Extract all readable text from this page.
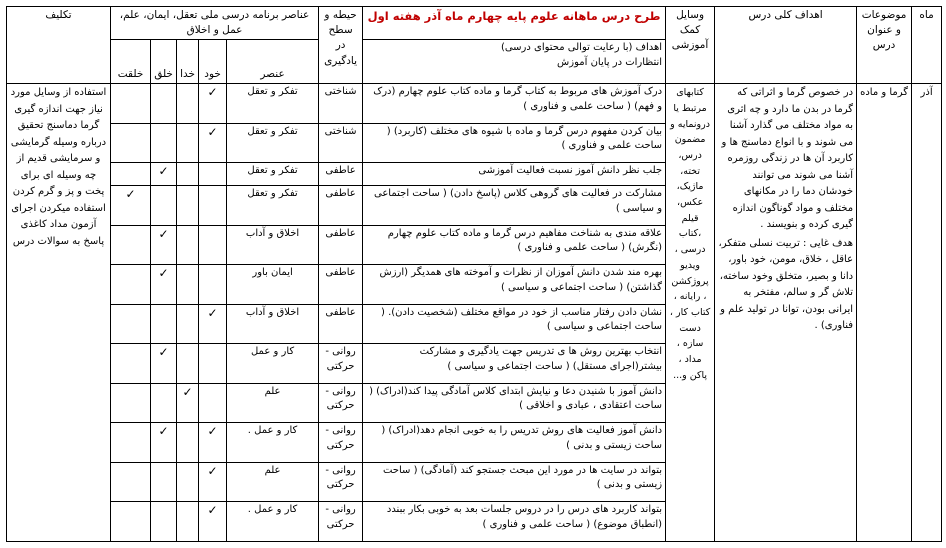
ماه	موضوعات و عنوان درس	اهداف کلی درس	وسایل کمک آموزشی	طرح درس ماهانه علوم پایه چهارم ماه آذر هفته اول	حیطه و سطح در یادگیری	عناصر برنامه درسی ملی تعقل، ایمان، علم، عمل و اخلاق					تکلیف

				اهداف (با رعایت توالی محتوای درسی)
انتظارات در پایان آموزش		عنصر	خود	خدا	خلق	خلقت	
آذر	گرما و ماده	در خصوص گرما و اثراتی که گرما در بدن ما دارد و چه اثری به مواد مختلف می گذارد آشنا می شوند و با انواع دماسنج ها و کاربرد آن ها در زندگی روزمره آشنا می شوند می توانند خودشان دما را در مکانهای مختلف و مواد گوناگون اندازه گیری کرده و بنویسند .
هدف غایی : تربیت نسلی متفکر، عاقل ، خلاق، مومن، خود باور، دانا و بصیر، متخلق وخود ساخته، تلاش گر و سالم، مفتخر به ایرانی بودن، توانا در تولید علم و فناوری) .	کتابهای مرتبط یا درونمایه و مضمون درس، تخته، ماژیک، عکس، قیلم ،کتاب درسی ، ویدیو پروژکشن ، رایانه ، کتاب کار ، دست سازه ، مداد ، پاکن و...	درک آموزش های مربوط به کتاب گرما و ماده کتاب علوم چهارم (درک و فهم) ( ساحت علمی و فناوری )	شناختی	تفکر و تعقل	✓				استفاده از وسایل مورد نیاز جهت اندازه گیری گرما دماسنج تحقیق درباره وسیله گرمایشی و سرمایشی قدیم از چه وسیله ای برای پخت و پز و گرم کردن استفاده میکردن اجرای آزمون مداد کاغذی پاسخ به سوالات درس
				بیان کردن مفهوم درس گرما و ماده با شیوه های مختلف (کاربرد) ( ساحت علمی و فناوری )	شناختی	تفکر و تعقل	✓				
				جلب نظر دانش آموز نسبت فعالیت آموزشی	عاطفی	تفکر و تعقل			✓		
				مشارکت در فعالیت های گروهی کلاس (پاسخ دادن) ( ساحت اجتماعی و سیاسی )	عاطفی	تفکر و تعقل				✓	
				علاقه مندی به شناخت مفاهیم درس گرما و ماده کتاب علوم چهارم (نگرش) ( ساحت علمی و فناوری )	عاطفی	اخلاق و آداب			✓		
				بهره مند شدن دانش آموزان از نظرات و آموخته های همدیگر (ارزش گذاشتن) ( ساحت اجتماعی و سیاسی )	عاطفی	ایمان باور			✓		
				نشان دادن رفتار مناسب از خود در مواقع مختلف (شخصیت دادن). ( ساحت اجتماعی و سیاسی )	عاطفی	اخلاق و آداب	✓				
				انتخاب بهترین روش ها ی تدریس جهت یادگیری و مشارکت بیشتر(اجرای مستقل) ( ساحت اجتماعی و سیاسی )	روانی - حرکتی	کار و عمل			✓		
				دانش آموز با شنیدن دعا و نیایش ابتدای کلاس آمادگی پیدا کند(ادراک) ( ساحت اعتقادی ، عبادی و اخلاقی )	روانی - حرکتی	علم		✓			
				دانش آموز فعالیت های روش تدریس را به خوبی انجام دهد(ادراک) ( ساحت زیستی و بدنی )	روانی - حرکتی	کار و عمل .	✓		✓		
				بتواند در سایت ها در مورد این مبحث جستجو کند (آمادگی) ( ساحت زیستی و بدنی )	روانی - حرکتی	علم	✓				
				بتواند کاربرد های درس را در دروس جلسات بعد به خوبی بکار ببندد (انطباق موضوع) ( ساحت علمی و فناوری )	روانی - حرکتی	کار و عمل .	✓				
